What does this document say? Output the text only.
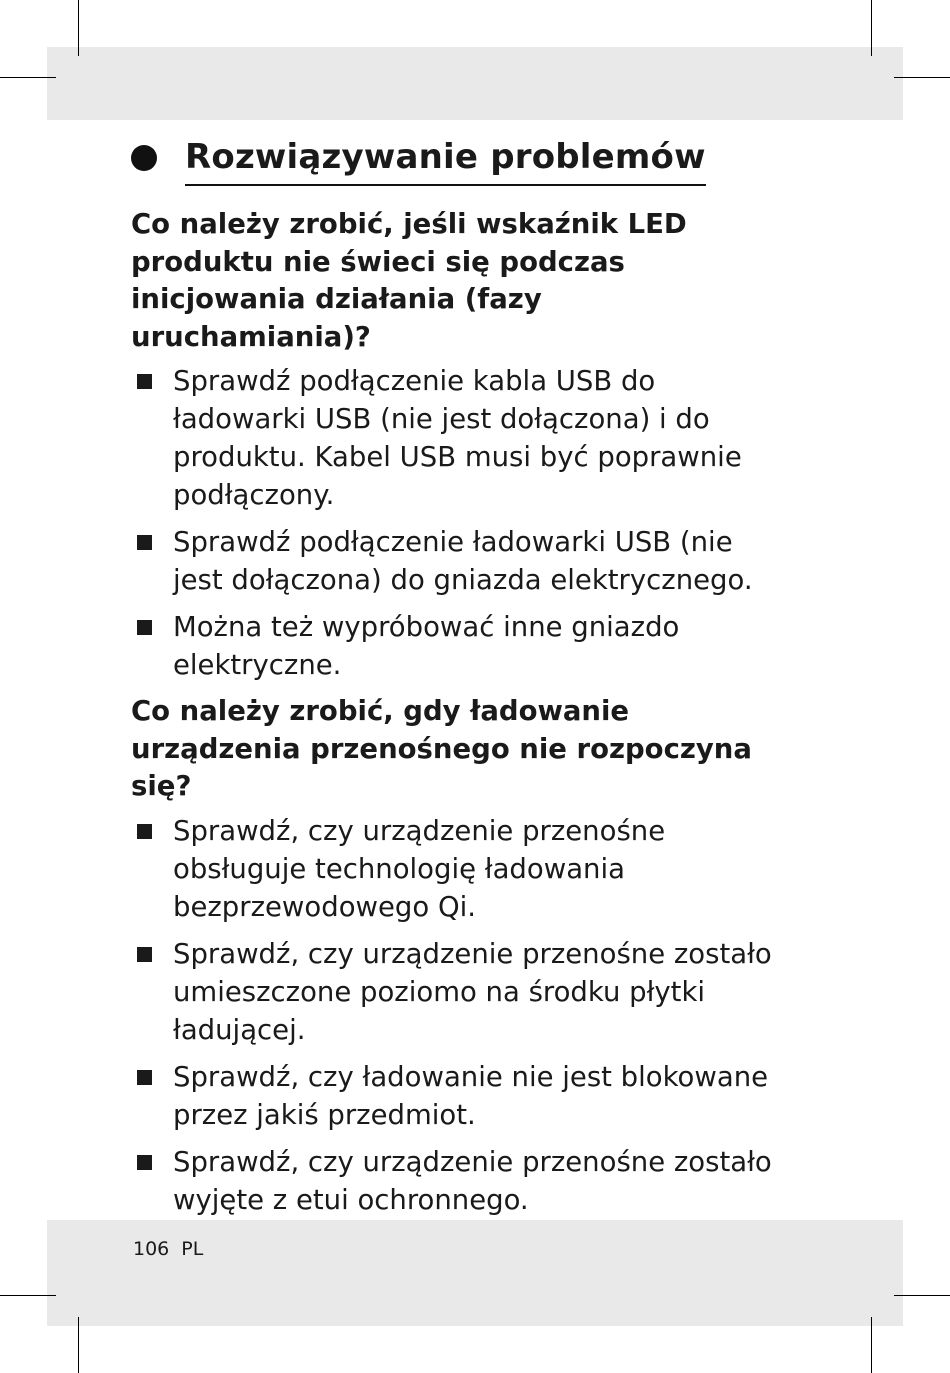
Rozwiązywanie problemów
Co należy zrobić, jeśli wskaźnik LED produktu nie świeci się podczas inicjowania działania (fazy uruchamiania)?
Sprawdź podłączenie kabla USB do ładowarki USB (nie jest dołączona) i do produktu. Kabel USB musi być poprawnie podłączony.
Sprawdź podłączenie ładowarki USB (nie jest dołączona) do gniazda elektrycznego.
Można też wypróbować inne gniazdo elektryczne.
Co należy zrobić, gdy ładowanie urządzenia przenośnego nie rozpoczyna się?
Sprawdź, czy urządzenie przenośne obsługuje technologię ładowania bezprzewodowego Qi.
Sprawdź, czy urządzenie przenośne zostało umieszczone poziomo na środku płytki ładującej.
Sprawdź, czy ładowanie nie jest blokowane przez jakiś przedmiot.
Sprawdź, czy urządzenie przenośne zostało wyjęte z etui ochronnego.
106 PL
